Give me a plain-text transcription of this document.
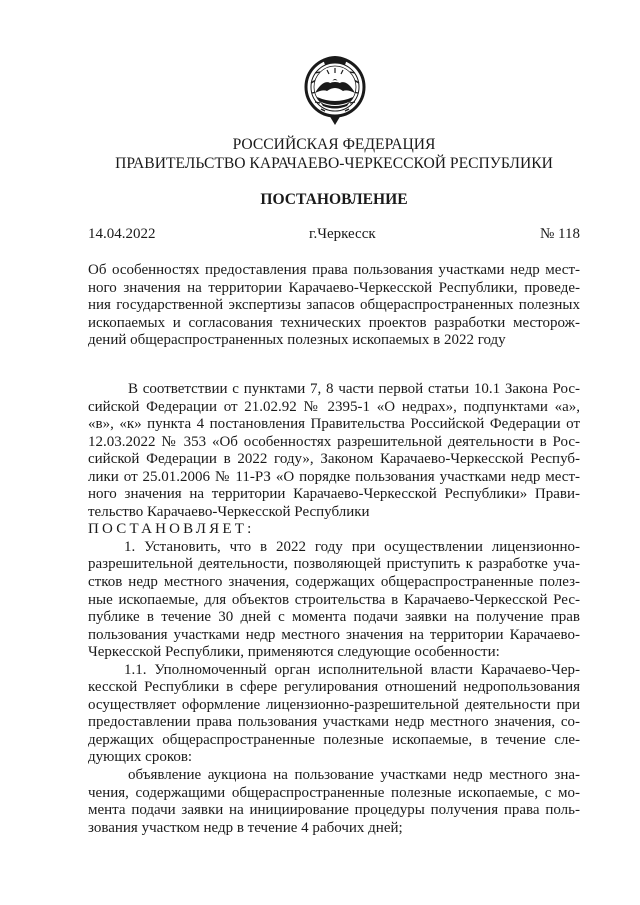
РОССИЙСКАЯ ФЕДЕРАЦИЯ
ПРАВИТЕЛЬСТВО КАРАЧАЕВО-ЧЕРКЕССКОЙ РЕСПУБЛИКИ
ПОСТАНОВЛЕНИЕ
14.04.2022	г.Черкесск	№ 118
Об особенностях предоставления права пользования участками недр мест-
ного значения на территории Карачаево-Черкесской Республики, проведе-
ния государственной экспертизы запасов общераспространенных полезных
ископаемых и согласования технических проектов разработки месторож-
дений общераспространенных полезных ископаемых в 2022 году
В соответствии с пунктами 7, 8 части первой статьи 10.1 Закона Рос-
сийской Федерации от 21.02.92 № 2395-1 «О недрах», подпунктами «а»,
«в», «к» пункта 4 постановления Правительства Российской Федерации от
12.03.2022 № 353 «Об особенностях разрешительной деятельности в Рос-
сийской Федерации в 2022 году», Законом Карачаево-Черкесской Респуб-
лики от 25.01.2006 № 11-РЗ «О порядке пользования участками недр мест-
ного значения на территории Карачаево-Черкесской Республики» Прави-
тельство Карачаево-Черкесской Республики
ПОСТАНОВЛЯЕТ:
1. Установить, что в 2022 году при осуществлении лицензионно-
разрешительной деятельности, позволяющей приступить к разработке уча-
стков недр местного значения, содержащих общераспространенные полез-
ные ископаемые, для объектов строительства в Карачаево-Черкесской Рес-
публике в течение 30 дней с момента подачи заявки на получение прав
пользования участками недр местного значения на территории Карачаево-
Черкесской Республики, применяются следующие особенности:
1.1. Уполномоченный орган исполнительной власти Карачаево-Чер-
кесской Республики в сфере регулирования отношений недропользования
осуществляет оформление лицензионно-разрешительной деятельности при
предоставлении права пользования участками недр местного значения, со-
держащих общераспространенные полезные ископаемые, в течение сле-
дующих сроков:
объявление аукциона на пользование участками недр местного зна-
чения, содержащими общераспространенные полезные ископаемые, с мо-
мента подачи заявки на инициирование процедуры получения права поль-
зования участком недр в течение 4 рабочих дней;
